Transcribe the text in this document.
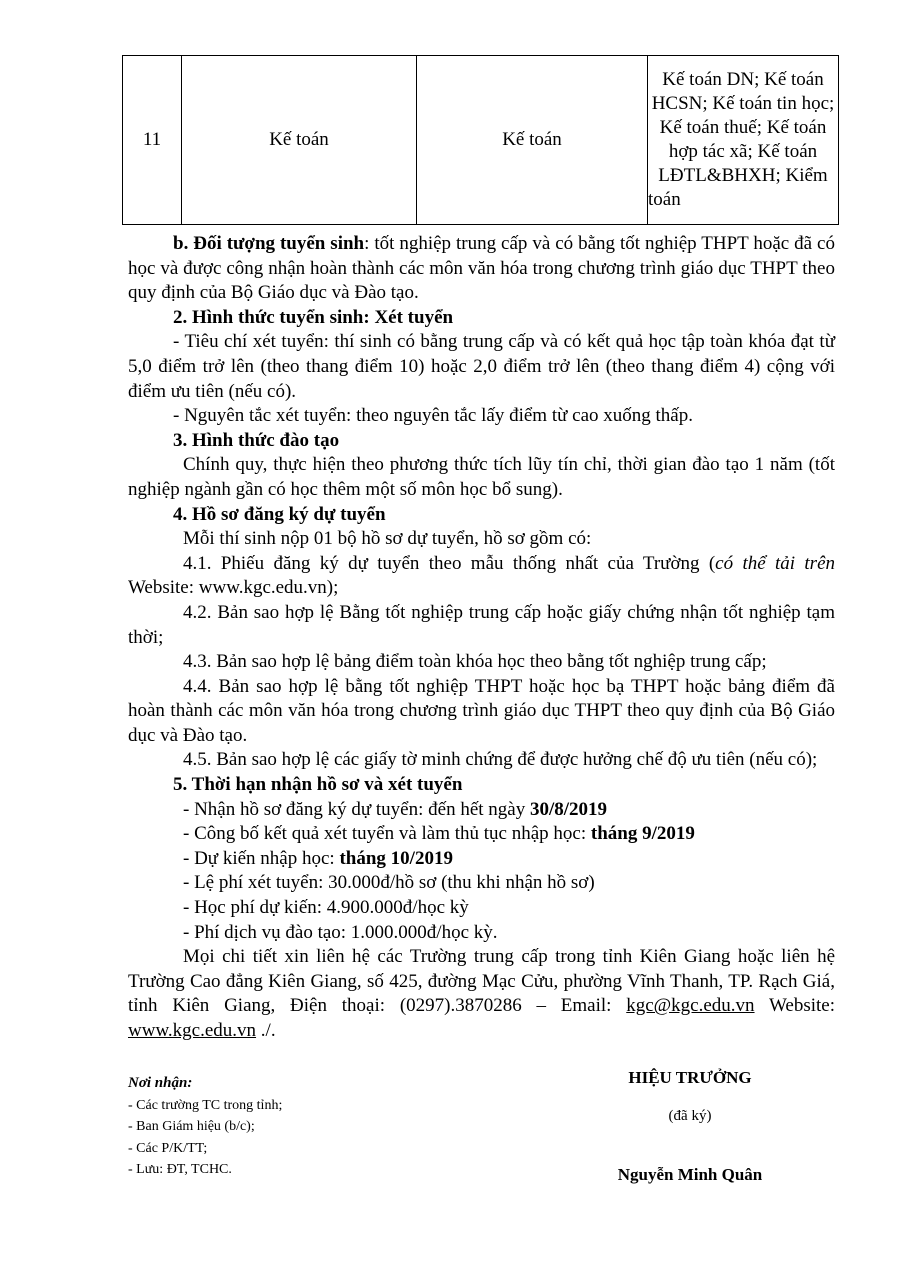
11	Kế toán	Kế toán	Kế toán DN; Kế toán HCSN; Kế toán tin học; Kế toán thuế; Kế toán hợp tác xã; Kế toán LĐTL&BHXH; Kiểm toán

b. Đối tượng tuyển sinh: tốt nghiệp trung cấp và có bằng tốt nghiệp THPT hoặc đã có học và được công nhận hoàn thành các môn văn hóa trong chương trình giáo dục THPT theo quy định của Bộ Giáo dục và Đào tạo.

2. Hình thức tuyển sinh: Xét tuyển

- Tiêu chí xét tuyển: thí sinh có bằng trung cấp và có kết quả học tập toàn khóa đạt từ 5,0 điểm trở lên (theo thang điểm 10) hoặc 2,0 điểm trở lên (theo thang điểm 4) cộng với điểm ưu tiên (nếu có).

- Nguyên tắc xét tuyển: theo nguyên tắc lấy điểm từ cao xuống thấp.

3. Hình thức đào tạo

Chính quy, thực hiện theo phương thức tích lũy tín chỉ, thời gian đào tạo 1 năm (tốt nghiệp ngành gần có học thêm một số môn học bổ sung).

4. Hồ sơ đăng ký dự tuyển

Mỗi thí sinh nộp 01 bộ hồ sơ dự tuyển, hồ sơ gồm có:

4.1. Phiếu đăng ký dự tuyển theo mẫu thống nhất của Trường (có thể tải trên Website: www.kgc.edu.vn);

4.2. Bản sao hợp lệ Bằng tốt nghiệp trung cấp hoặc giấy chứng nhận tốt nghiệp tạm thời;

4.3. Bản sao hợp lệ bảng điểm toàn khóa học theo bằng tốt nghiệp trung cấp;

4.4. Bản sao hợp lệ bằng tốt nghiệp THPT hoặc học bạ THPT hoặc bảng điểm đã hoàn thành các môn văn hóa trong chương trình giáo dục THPT theo quy định của Bộ Giáo dục và Đào tạo.

4.5. Bản sao hợp lệ các giấy tờ minh chứng để được hưởng chế độ ưu tiên (nếu có);

5. Thời hạn nhận hồ sơ và xét tuyển

- Nhận hồ sơ đăng ký dự tuyển: đến hết ngày 30/8/2019

- Công bố kết quả xét tuyển và làm thủ tục nhập học: tháng 9/2019

- Dự kiến nhập học: tháng 10/2019

- Lệ phí xét tuyển: 30.000đ/hồ sơ (thu khi nhận hồ sơ)

- Học phí dự kiến: 4.900.000đ/học kỳ

- Phí dịch vụ đào tạo: 1.000.000đ/học kỳ.

Mọi chi tiết xin liên hệ các Trường trung cấp trong tỉnh Kiên Giang hoặc liên hệ Trường Cao đẳng Kiên Giang, số 425, đường Mạc Cửu, phường Vĩnh Thanh, TP. Rạch Giá, tỉnh Kiên Giang, Điện thoại: (0297).3870286 – Email: kgc@kgc.edu.vn Website: www.kgc.edu.vn ./.

Nơi nhận:
- Các trường TC trong tỉnh;
- Ban Giám hiệu (b/c);
- Các P/K/TT;
- Lưu: ĐT, TCHC.
HIỆU TRƯỞNG
(đã ký)
Nguyễn Minh Quân
